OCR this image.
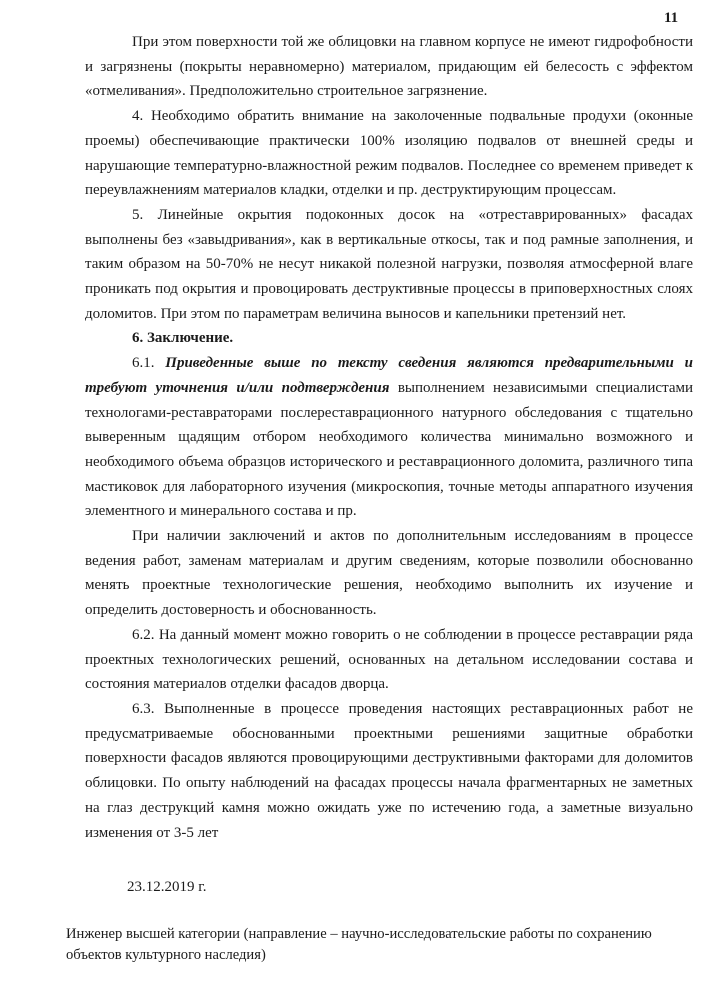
11

При этом поверхности той же облицовки на главном корпусе не имеют гидрофобности и загрязнены (покрыты неравномерно) материалом, придающим ей белесость с эффектом «отмеливания». Предположительно строительное загрязнение.

4. Необходимо обратить внимание на заколоченные подвальные продухи (оконные проемы) обеспечивающие практически 100% изоляцию подвалов от внешней среды и нарушающие температурно-влажностной режим подвалов. Последнее со временем приведет к переувлажнениям материалов кладки, отделки и пр. деструктирующим процессам.

5. Линейные окрытия подоконных досок на «отреставрированных» фасадах выполнены без «завыдривания», как в вертикальные откосы, так и под рамные заполнения, и таким образом на 50-70% не несут никакой полезной нагрузки, позволяя атмосферной влаге проникать под окрытия и провоцировать деструктивные процессы в приповерхностных слоях доломитов. При этом по параметрам величина выносов и капельники претензий нет.

6. Заключение.

6.1. Приведенные выше по тексту сведения являются предварительными и требуют уточнения и/или подтверждения выполнением независимыми специалистами технологами-реставраторами послереставрационного натурного обследования с тщательно выверенным щадящим отбором необходимого количества минимально возможного и необходимого объема образцов исторического и реставрационного доломита, различного типа мастиковок для лабораторного изучения (микроскопия, точные методы аппаратного изучения элементного и минерального состава и пр.

При наличии заключений и актов по дополнительным исследованиям в процессе ведения работ, заменам материалам и другим сведениям, которые позволили обоснованно менять проектные технологические решения, необходимо выполнить их изучение и определить достоверность и обоснованность.

6.2. На данный момент можно говорить о не соблюдении в процессе реставрации ряда проектных технологических решений, основанных на детальном исследовании состава и состояния материалов отделки фасадов дворца.

6.3. Выполненные в процессе проведения настоящих реставрационных работ не предусматриваемые обоснованными проектными решениями защитные обработки поверхности фасадов являются провоцирующими деструктивными факторами для доломитов облицовки. По опыту наблюдений на фасадах процессы начала фрагментарных не заметных на глаз деструкций камня можно ожидать уже по истечению года, а заметные визуально изменения от 3-5 лет

23.12.2019 г.
Инженер высшей категории (направление – научно-исследовательские работы по сохранению объектов культурного наследия)
